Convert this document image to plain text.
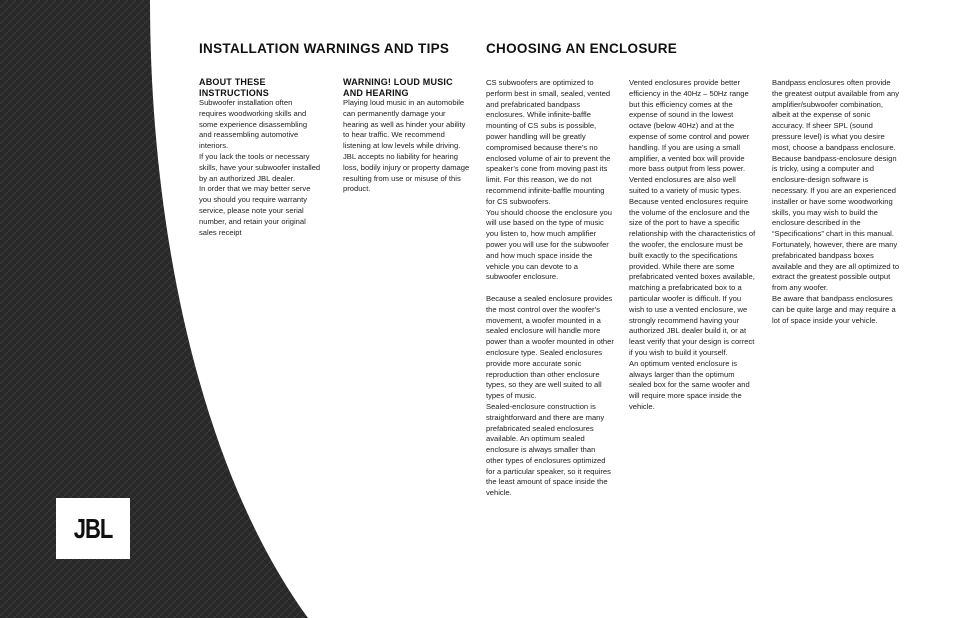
JBL
INSTALLATION WARNINGS AND TIPS	CHOOSING AN ENCLOSURE
ABOUT THESE INSTRUCTIONS

Subwoofer installation often requires woodworking skills and some experience disassembling and reassembling automotive interiors.

If you lack the tools or necessary skills, have your subwoofer installed by an authorized JBL dealer.

In order that we may better serve you should you require warranty service, please note your serial number, and retain your original sales receipt

WARNING! LOUD MUSIC AND HEARING

Playing loud music in an automobile can permanently damage your hearing as well as hinder your ability to hear traffic. We recommend listening at low levels while driving. JBL accepts no liability for hearing loss, bodily injury or property damage resulting from use or misuse of this product.

CS subwoofers are optimized to perform best in small, sealed, vented and prefabricated bandpass enclosures. While infinite-baffle mounting of CS subs is possible, power handling will be greatly compromised because there’s no enclosed volume of air to prevent the speaker’s cone from moving past its limit. For this reason, we do not recommend infinite-baffle mounting for CS subwoofers.

You should choose the enclosure you will use based on the type of music you listen to, how much amplifier power you will use for the subwoofer and how much space inside the vehicle you can devote to a subwoofer enclosure.

Because a sealed enclosure provides the most control over the woofer’s movement, a woofer mounted in a sealed enclosure will handle more power than a woofer mounted in other enclosure type. Sealed enclosures provide more accurate sonic reproduction than other enclosure types, so they are well suited to all types of music.

Sealed-enclosure construction is straightforward and there are many prefabricated sealed enclosures available. An optimum sealed enclosure is always smaller than other types of enclosures optimized for a particular speaker, so it requires the least amount of space inside the vehicle.

Vented enclosures provide better efficiency in the 40Hz – 50Hz range but this efficiency comes at the expense of sound in the lowest octave (below 40Hz) and at the expense of some control and power handling. If you are using a small amplifier, a vented box will provide more bass output from less power. Vented enclosures are also well suited to a variety of music types. Because vented enclosures require the volume of the enclosure and the size of the port to have a specific relationship with the characteristics of the woofer, the enclosure must be built exactly to the specifications provided. While there are some prefabricated vented boxes available, matching a prefabricated box to a particular woofer is difficult. If you wish to use a vented enclosure, we strongly recommend having your authorized JBL dealer build it, or at least verify that your design is correct if you wish to build it yourself.

An optimum vented enclosure is always larger than the optimum sealed box for the same woofer and will require more space inside the vehicle.

Bandpass enclosures often provide the greatest output available from any amplifier/subwoofer combination, albeit at the expense of sonic accuracy. If sheer SPL (sound pressure level) is what you desire most, choose a bandpass enclosure. Because bandpass-enclosure design is tricky, using a computer and enclosure-design software is necessary. If you are an experienced installer or have some woodworking skills, you may wish to build the enclosure described in the “Specifications” chart in this manual. Fortunately, however, there are many prefabricated bandpass boxes available and they are all optimized to extract the greatest possible output from any woofer.

Be aware that bandpass enclosures can be quite large and may require a lot of space inside your vehicle.
